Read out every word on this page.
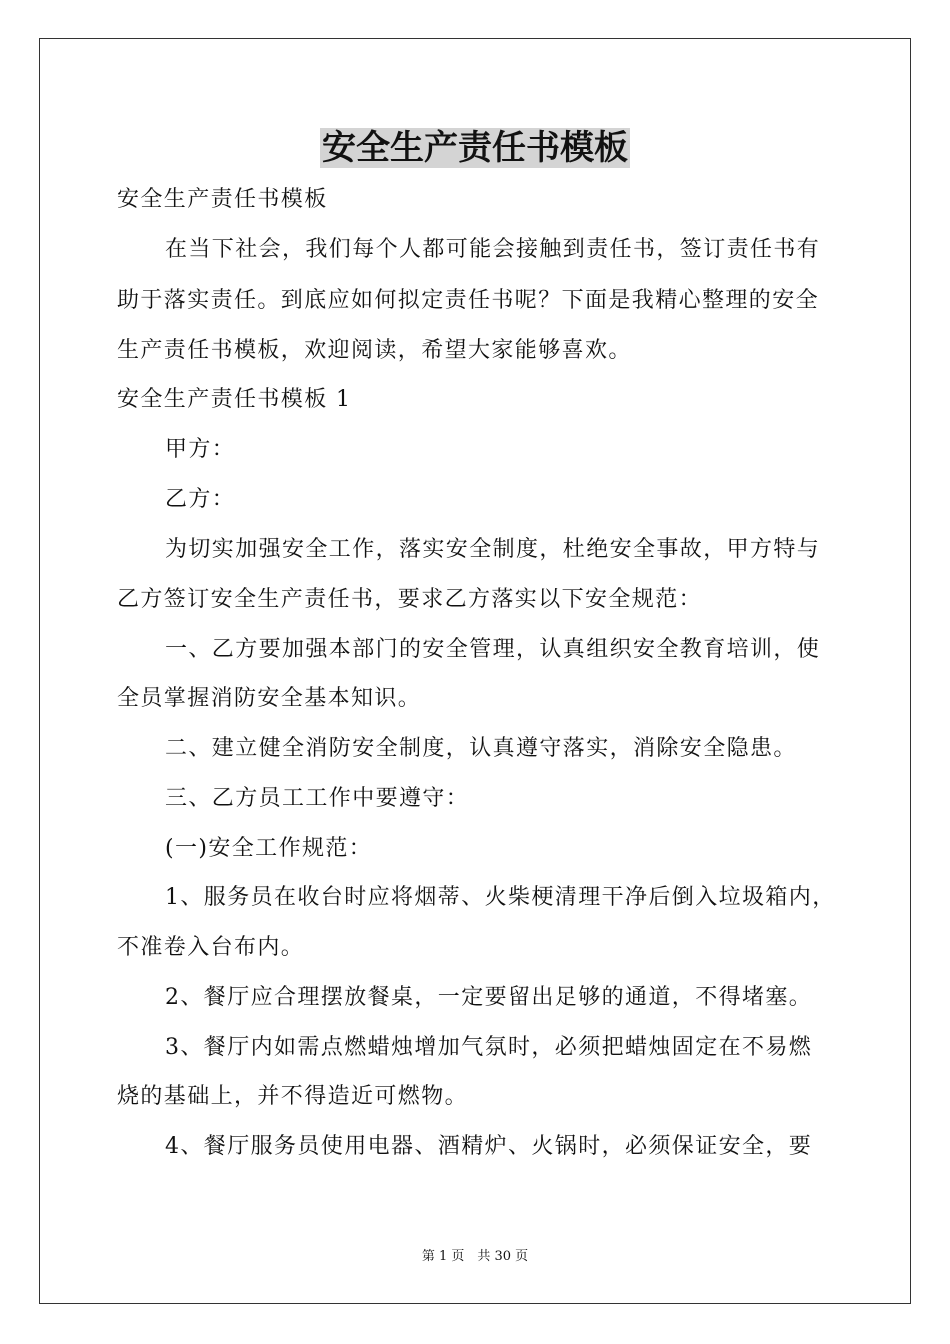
安全生产责任书模板
安全生产责任书模板
在当下社会，我们每个人都可能会接触到责任书，签订责任书有
助于落实责任。到底应如何拟定责任书呢？下面是我精心整理的安全
生产责任书模板，欢迎阅读，希望大家能够喜欢。
安全生产责任书模板 1
甲方：
乙方：
为切实加强安全工作，落实安全制度，杜绝安全事故，甲方特与
乙方签订安全生产责任书，要求乙方落实以下安全规范：
一、乙方要加强本部门的安全管理，认真组织安全教育培训，使
全员掌握消防安全基本知识。
二、建立健全消防安全制度，认真遵守落实，消除安全隐患。
三、乙方员工工作中要遵守：
(一)安全工作规范：
1、服务员在收台时应将烟蒂、火柴梗清理干净后倒入垃圾箱内，
不准卷入台布内。
2、餐厅应合理摆放餐桌，一定要留出足够的通道，不得堵塞。
3、餐厅内如需点燃蜡烛增加气氛时，必须把蜡烛固定在不易燃
烧的基础上，并不得造近可燃物。
4、餐厅服务员使用电器、酒精炉、火锅时，必须保证安全，要
第 1 页　共 30 页
